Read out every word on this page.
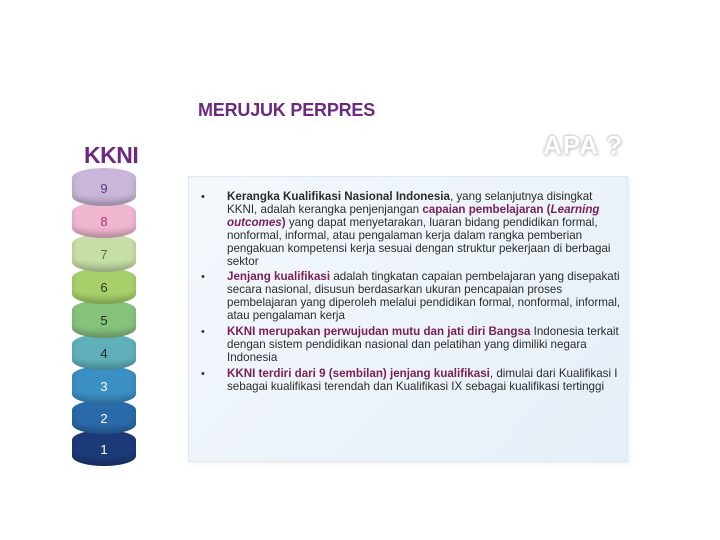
MERUJUK PERPRES
KKNI	APA ?
9
8
7
6
5
4
3
2
1
• Kerangka Kualifikasi Nasional Indonesia, yang selanjutnya disingkat KKNI, adalah kerangka penjenjangan capaian pembelajaran (Learning outcomes) yang dapat menyetarakan, luaran bidang pendidikan formal, nonformal, informal, atau pengalaman kerja dalam rangka pemberian pengakuan kompetensi kerja sesuai dengan struktur pekerjaan di berbagai sektor
• Jenjang kualifikasi adalah tingkatan capaian pembelajaran yang disepakati secara nasional, disusun berdasarkan ukuran pencapaian proses pembelajaran yang diperoleh melalui pendidikan formal, nonformal, informal, atau pengalaman kerja
• KKNI merupakan perwujudan mutu dan jati diri Bangsa Indonesia terkait dengan sistem pendidikan nasional dan pelatihan yang dimiliki negara Indonesia
• KKNI terdiri dari 9 (sembilan) jenjang kualifikasi, dimulai dari Kualifikasi I sebagai kualifikasi terendah dan Kualifikasi IX sebagai kualifikasi tertinggi
